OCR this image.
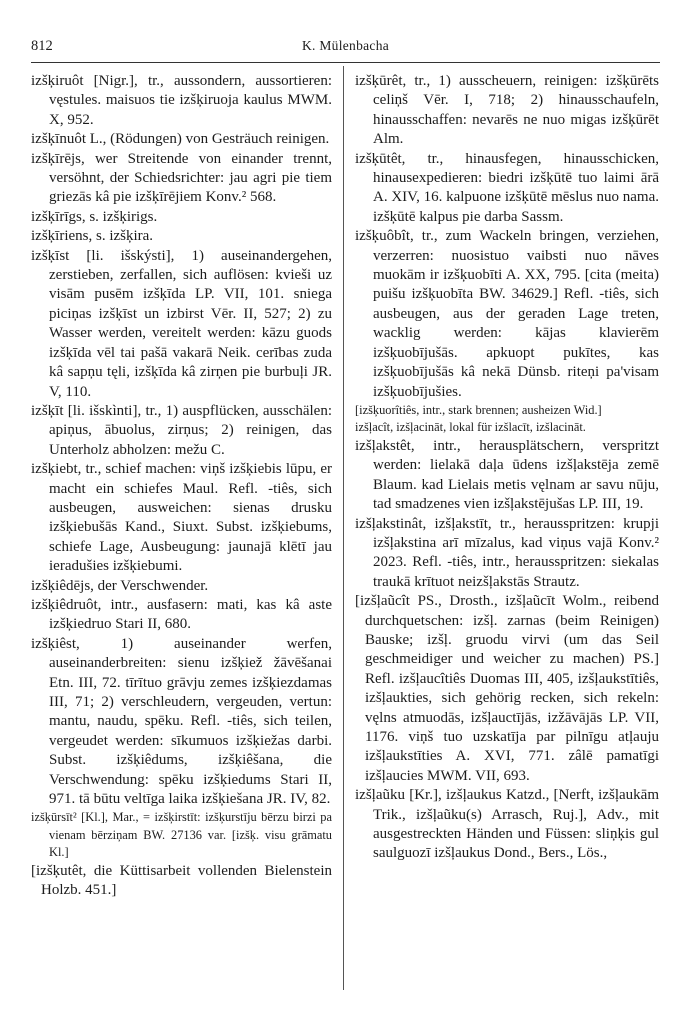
812	K. Mülenbacha

izšķiruôt [Nigr.], tr., aussondern, aussortieren: vęstules. maisuos tie izšķiruoja kaulus MWM. X, 952.

izšķīnuôt L., (Rödungen) von Gesträuch reinigen.

izšķīrējs, wer Streitende von einander trennt, versöhnt, der Schiedsrichter: jau agri pie tiem griezās kâ pie izšķīrējiem Konv.² 568.

izšķīrīgs, s. izšķirigs.

izšķīriens, s. izšķira.

izšķīst [li. išskýsti], 1) auseinandergehen, zerstieben, zerfallen, sich auflösen: kvieši uz visām pusēm izšķīda LP. VII, 101. sniega piciņas izšķīst un izbirst Vēr. II, 527; 2) zu Wasser werden, vereitelt werden: kāzu guods izšķīda vēl tai pašā vakarā Neik. cerības zuda kâ sapņu tęli, izšķīda kâ zirņen pie burbuļi JR. V, 110.

izšķīt [li. išskìnti], tr., 1) auspflücken, ausschälen: apiņus, ābuolus, zirņus; 2) reinigen, das Unterholz abholzen: mežu C.

izšķiebt, tr., schief machen: viņš izšķiebis lūpu, er macht ein schiefes Maul. Refl. -tiês, sich ausbeugen, ausweichen: sienas drusku izšķiebušās Kand., Siuxt. Subst. izšķiebums, schiefe Lage, Ausbeugung: jaunajā klētī jau ieradušies izšķiebumi.

izšķiêdējs, der Verschwender.

izšķiêdruôt, intr., ausfasern: mati, kas kâ aste izšķiedruo Stari II, 680.

izšķiêst, 1) auseinander werfen, auseinanderbreiten: sienu izšķiež žāvēšanai Etn. III, 72. tīrītuo grāvju zemes izšķiezdamas III, 71; 2) verschleudern, vergeuden, vertun: mantu, naudu, spēku. Refl. -tiês, sich teilen, vergeudet werden: sīkumuos izšķiežas darbi. Subst. izšķiêdums, izšķiêšana, die Verschwendung: spēku izšķiedums Stari II, 971. tā būtu veltīga laika izšķiešana JR. IV, 82.

izšķūrsīt² [Kl.], Mar., = izšķirstīt: izšķurstīju bērzu birzi pa vienam bērziņam BW. 27136 var. [izšķ. visu grāmatu Kl.]

[izšķutêt, die Küttisarbeit vollenden Bielenstein Holzb. 451.]

izšķūrêt, tr., 1) ausscheuern, reinigen: izšķūrēts celiņš Vēr. I, 718; 2) hinausschaufeln, hinausschaffen: nevarēs ne nuo migas izšķūrēt Alm.

izšķūtêt, tr., hinausfegen, hinausschicken, hinausexpedieren: biedri izšķūtē tuo laimi ārā A. XIV, 16. kalpuone izšķūtē mēslus nuo nama. izšķūtē kalpus pie darba Sassm.

izšķuôbît, tr., zum Wackeln bringen, verziehen, verzerren: nuosistuo vaibsti nuo nāves muokām ir izšķuobīti A. XX, 795. [cita (meita) puišu izšķuobīta BW. 34629.] Refl. -tiês, sich ausbeugen, aus der geraden Lage treten, wacklig werden: kājas klavierēm izšķuobījušās. apkuopt pukītes, kas izšķuobījušās kâ nekā Dünsb. riteņi pa'visam izšķuobījušies.

[izšķuorîtiês, intr., stark brennen; ausheizen Wid.]

izšļacît, izšļacināt, lokal für izšlacīt, izšlacināt.

izšļakstêt, intr., herausplätschern, verspritzt werden: lielakā daļa ūdens izšļakstēja zemē Blaum. kad Lielais metis vęlnam ar savu nūju, tad smadzenes vien izšļakstējušas LP. III, 19.

izšļakstinât, izšļakstīt, tr., herausspritzen: krupji izšļakstina arī mīzalus, kad viņus vajā Konv.² 2023. Refl. -tiês, intr., herausspritzen: siekalas traukā krītuot neizšļakstās Strautz.

[izšļaũcît PS., Drosth., izšļaũcīt Wolm., reibend durchquetschen: izšļ. zarnas (beim Reinigen) Bauske; izšļ. gruodu virvi (um das Seil geschmeidiger und weicher zu machen) PS.] Refl. izšļaucîtiês Duomas III, 405, izšļaukstītiês, izšļaukties, sich gehörig recken, sich rekeln: vęlns atmuodās, izšļauctījās, izžāvājās LP. VII, 1176. viņš tuo uzskatīja par pilnīgu atļauju izšļaukstīties A. XVI, 771. zâlē pamatīgi izšļaucies MWM. VII, 693.

izšļaũku [Kr.], izšļaukus Katzd., [Nerft, izšļaukām Trik., izšļaũku(s) Arrasch, Ruj.], Adv., mit ausgestreckten Händen und Füssen: sliņķis gul saulguozī izšļaukus Dond., Bers., Lös.,
